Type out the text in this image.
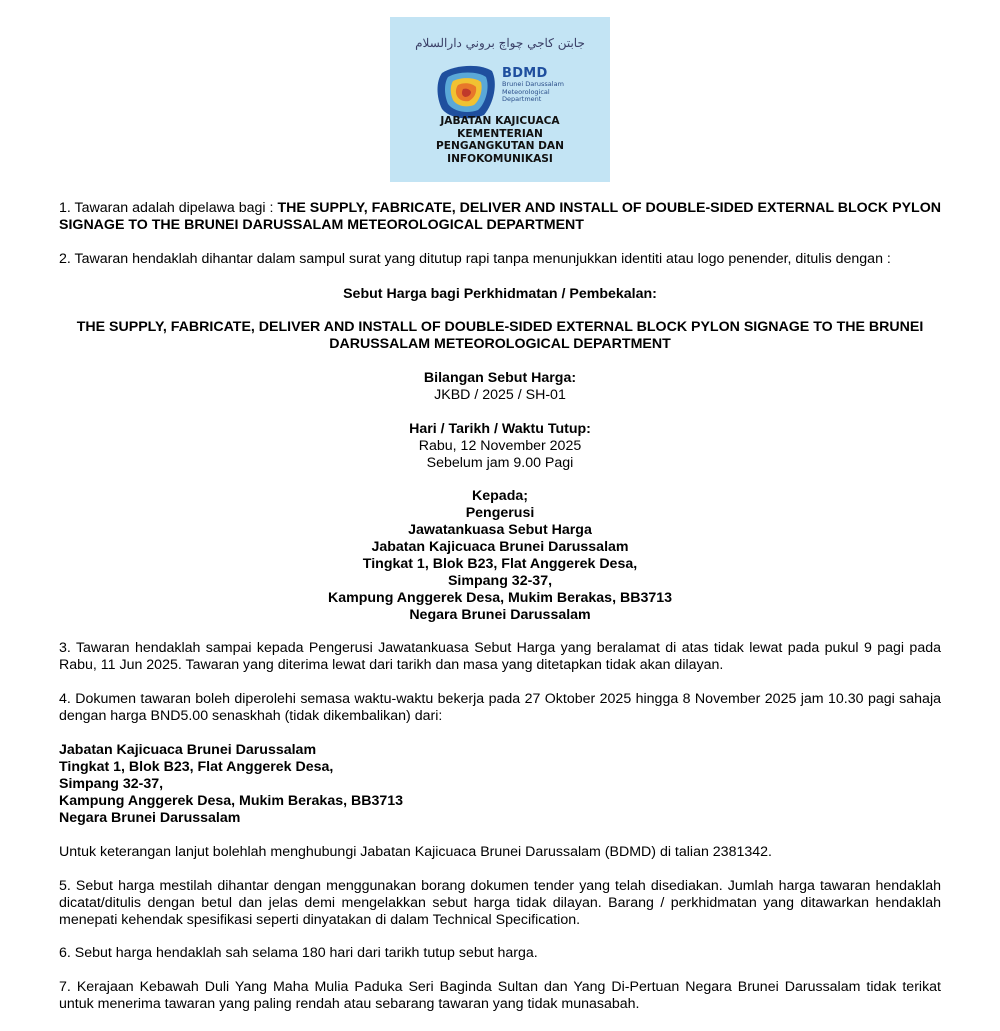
جابتن كاجي چواچ بروني دارالسلام
BDMD
Brunei Darussalam
Meteorological
Department
JABATAN KAJICUACA
KEMENTERIAN
PENGANGKUTAN DAN
INFOKOMUNIKASI

1. Tawaran adalah dipelawa bagi : THE SUPPLY, FABRICATE, DELIVER AND INSTALL OF DOUBLE-SIDED EXTERNAL BLOCK PYLON SIGNAGE TO THE BRUNEI DARUSSALAM METEOROLOGICAL DEPARTMENT

2. Tawaran hendaklah dihantar dalam sampul surat yang ditutup rapi tanpa menunjukkan identiti atau logo penender, ditulis dengan :

Sebut Harga bagi Perkhidmatan / Pembekalan:
THE SUPPLY, FABRICATE, DELIVER AND INSTALL OF DOUBLE-SIDED EXTERNAL BLOCK PYLON SIGNAGE TO THE BRUNEI DARUSSALAM METEOROLOGICAL DEPARTMENT
Bilangan Sebut Harga:
JKBD / 2025 / SH-01
Hari / Tarikh / Waktu Tutup:
Rabu, 12 November 2025
Sebelum jam 9.00 Pagi
Kepada;
Pengerusi
Jawatankuasa Sebut Harga
Jabatan Kajicuaca Brunei Darussalam
Tingkat 1, Blok B23, Flat Anggerek Desa,
Simpang 32-37,
Kampung Anggerek Desa, Mukim Berakas, BB3713
Negara Brunei Darussalam

3. Tawaran hendaklah sampai kepada Pengerusi Jawatankuasa Sebut Harga yang beralamat di atas tidak lewat pada pukul 9 pagi pada Rabu, 11 Jun 2025. Tawaran yang diterima lewat dari tarikh dan masa yang ditetapkan tidak akan dilayan.

4. Dokumen tawaran boleh diperolehi semasa waktu-waktu bekerja pada 27 Oktober 2025 hingga 8 November 2025 jam 10.30 pagi sahaja dengan harga BND5.00 senaskhah (tidak dikembalikan) dari:

Jabatan Kajicuaca Brunei Darussalam
Tingkat 1, Blok B23, Flat Anggerek Desa,
Simpang 32-37,
Kampung Anggerek Desa, Mukim Berakas, BB3713
Negara Brunei Darussalam

Untuk keterangan lanjut bolehlah menghubungi Jabatan Kajicuaca Brunei Darussalam (BDMD) di talian 2381342.

5. Sebut harga mestilah dihantar dengan menggunakan borang dokumen tender yang telah disediakan. Jumlah harga tawaran hendaklah dicatat/ditulis dengan betul dan jelas demi mengelakkan sebut harga tidak dilayan. Barang / perkhidmatan yang ditawarkan hendaklah menepati kehendak spesifikasi seperti dinyatakan di dalam Technical Specification.

6. Sebut harga hendaklah sah selama 180 hari dari tarikh tutup sebut harga.

7. Kerajaan Kebawah Duli Yang Maha Mulia Paduka Seri Baginda Sultan dan Yang Di-Pertuan Negara Brunei Darussalam tidak terikat untuk menerima tawaran yang paling rendah atau sebarang tawaran yang tidak munasabah.
